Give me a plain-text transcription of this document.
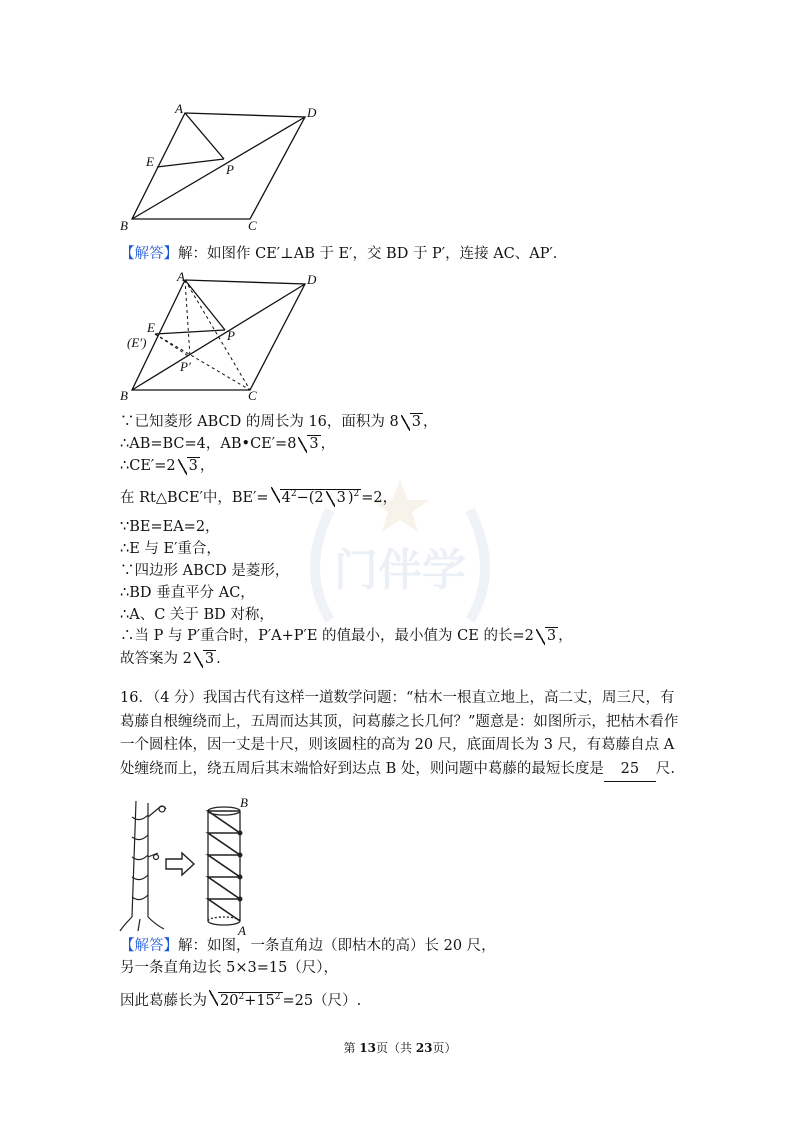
门伴学
A	D
E
P
B	C
【解答】解：如图作 CE′⊥AB 于 E′，交 BD 于 P′，连接 AC、AP′.
A	D
E
(E′)	P
P′
B	C
∵已知菱形 ABCD 的周长为 16，面积为 8 3 ，
∴AB=BC=4，AB•CE′=8 3 ，
∴CE′=2 3 ，
在 Rt△BCE′中，$BE'= 4^2-(2$ 3 )$^2$ =2，
∵BE=EA=2，
∴E 与 E′重合，
∵四边形 ABCD 是菱形，
∴BD 垂直平分 AC，
∴A、C 关于 BD 对称，
∴当 P 与 P′重合时，P′A+P′E 的值最小，最小值为 CE 的长=2 3 ，
故答案为 2 3 .
16．（4 分）我国古代有这样一道数学问题：“枯木一根直立地上，高二丈，周三尺，有葛藤自根缠绕而上，五周而达其顶，问葛藤之长几何？”题意是：如图所示，把枯木看作一个圆柱体，因一丈是十尺，则该圆柱的高为 20 尺，底面周长为 3 尺，有葛藤自点 A 处缠绕而上，绕五周后其末端恰好到达点 B 处，则问题中葛藤的最短长度是 25 尺.
B
A
【解答】解：如图，一条直角边（即枯木的高）长 20 尺，
另一条直角边长 5×3=15（尺），
因此葛藤长为 $20^2+15^2 =25$（尺）.
第 13页（共 23页）
